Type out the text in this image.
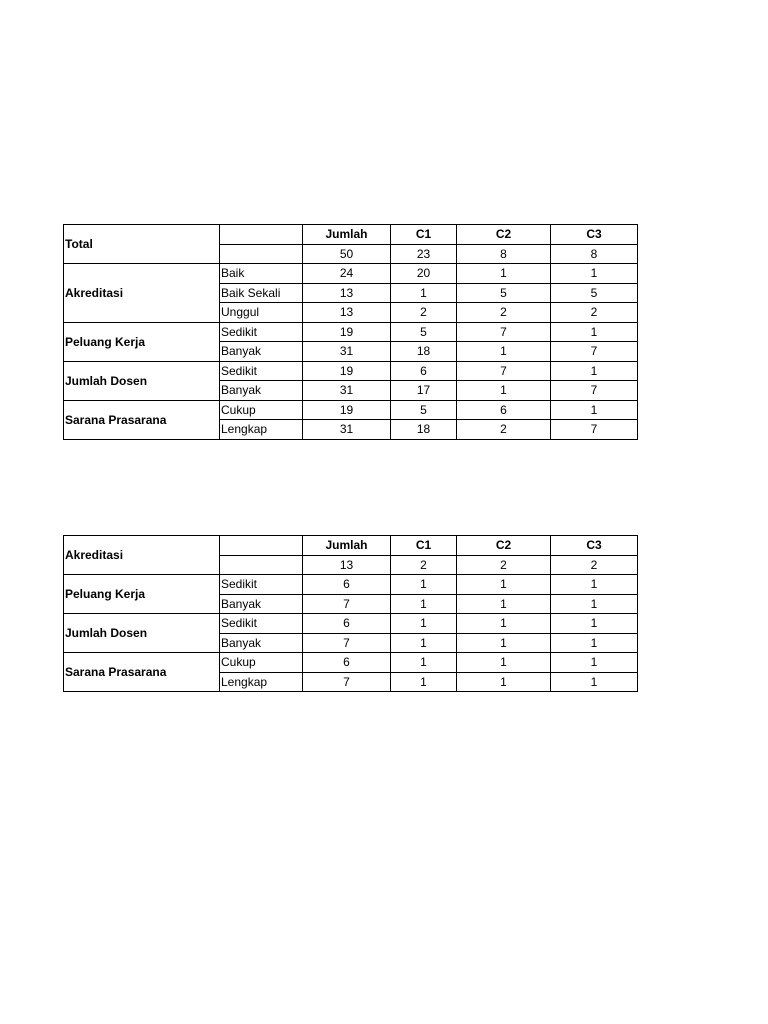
Total		Jumlah	C1	C2	C3
		50	23	8	8
Akreditasi	Baik	24	20	1	1
	Baik Sekali	13	1	5	5
	Unggul	13	2	2	2
Peluang Kerja	Sedikit	19	5	7	1
	Banyak	31	18	1	7
Jumlah Dosen	Sedikit	19	6	7	1
	Banyak	31	17	1	7
Sarana Prasarana	Cukup	19	5	6	1
	Lengkap	31	18	2	7
Akreditasi		Jumlah	C1	C2	C3
		13	2	2	2
Peluang Kerja	Sedikit	6	1	1	1
	Banyak	7	1	1	1
Jumlah Dosen	Sedikit	6	1	1	1
	Banyak	7	1	1	1
Sarana Prasarana	Cukup	6	1	1	1
	Lengkap	7	1	1	1
